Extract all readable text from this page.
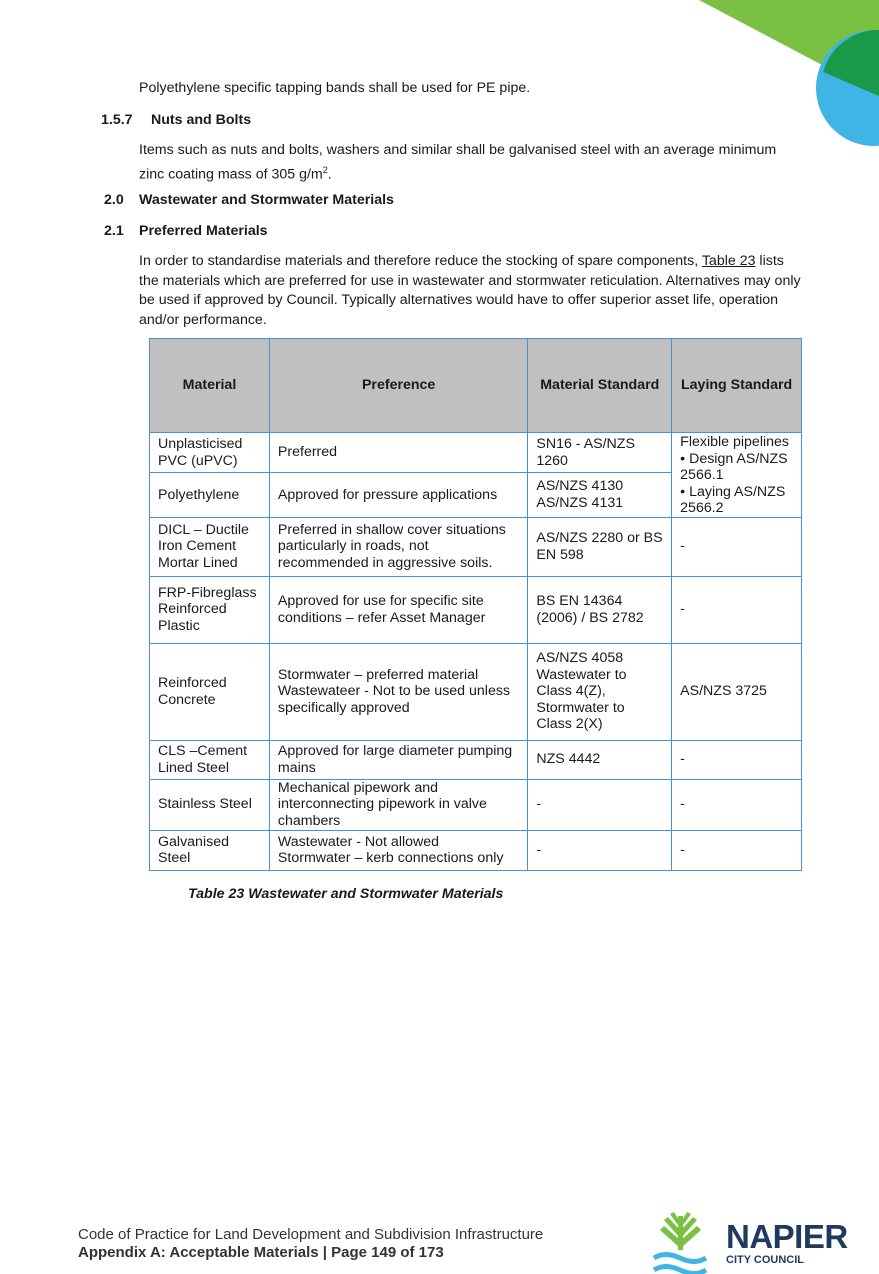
Polyethylene specific tapping bands shall be used for PE pipe.

1.5.7 Nuts and Bolts

Items such as nuts and bolts, washers and similar shall be galvanised steel with an average minimum zinc coating mass of 305 $g/m^2$.

2.0 Wastewater and Stormwater Materials

2.1 Preferred Materials

In order to standardise materials and therefore reduce the stocking of spare components, Table 23 lists the materials which are preferred for use in wastewater and stormwater reticulation. Alternatives may only be used if approved by Council. Typically alternatives would have to offer superior asset life, operation and/or performance.

Material	Preference	Material Standard	Laying Standard
Unplasticised PVC (uPVC)	Preferred	SN16 - AS/NZS 1260	Flexible pipelines
• Design AS/NZS 2566.1
• Laying AS/NZS 2566.2

Polyethylene	Approved for pressure applications	AS/NZS 4130
AS/NZS 4131	

DICL – Ductile Iron Cement Mortar Lined	Preferred in shallow cover situations particularly in roads, not recommended in aggressive soils.	AS/NZS 2280 or BS EN 598	-
FRP-Fibreglass Reinforced Plastic	Approved for use for specific site conditions – refer Asset Manager	BS EN 14364 (2006) / BS 2782	-
Reinforced Concrete	Stormwater – preferred material
Wastewateer - Not to be used unless specifically approved	AS/NZS 4058 Wastewater to Class 4(Z), Stormwater to Class 2(X)	AS/NZS 3725
CLS –Cement Lined Steel	Approved for large diameter pumping mains	NZS 4442	-
Stainless Steel	Mechanical pipework and interconnecting pipework in valve chambers	-	-
Galvanised Steel	Wastewater - Not allowed
Stormwater – kerb connections only	-	-

Table 23 Wastewater and Stormwater Materials

Code of Practice for Land Development and Subdivision Infrastructure

Appendix A: Acceptable Materials | Page 149 of 173	NAPIER
CITY COUNCIL
